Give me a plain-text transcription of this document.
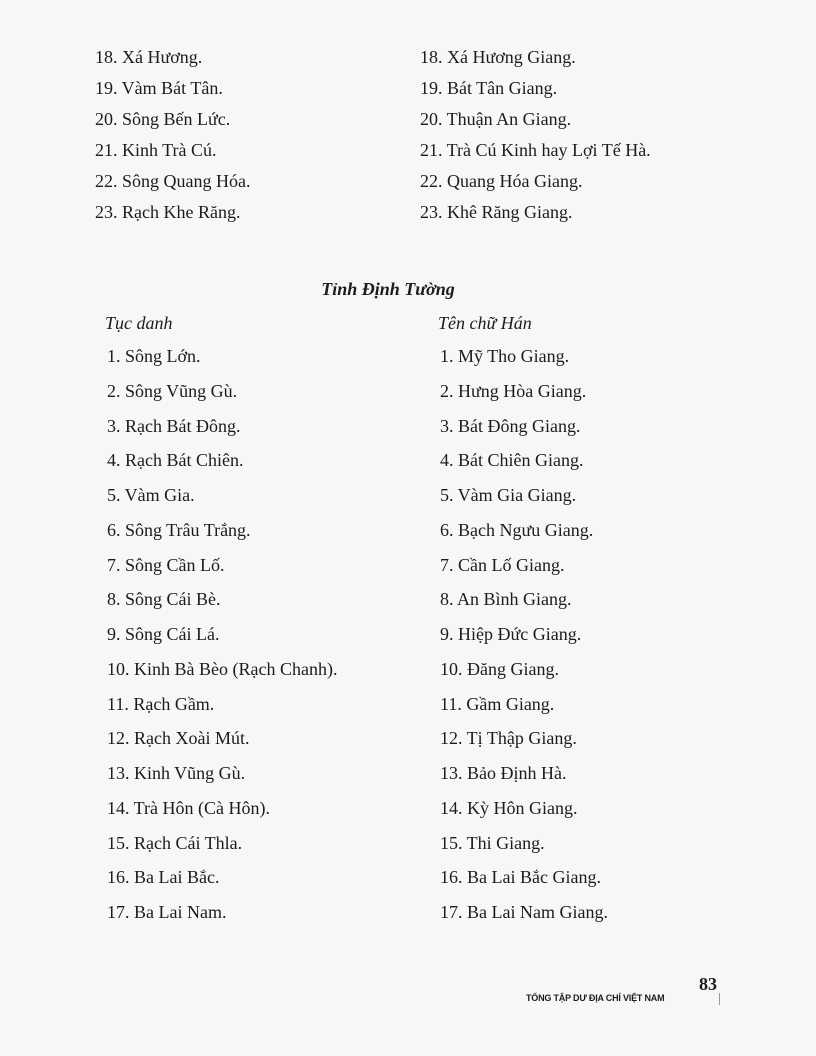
18. Xá Hương.
19. Vàm Bát Tân.
20. Sông Bến Lức.
21. Kinh Trà Cú.
22. Sông Quang Hóa.
23. Rạch Khe Răng.
18. Xá Hương Giang.
19. Bát Tân Giang.
20. Thuận An Giang.
21. Trà Cú Kinh hay Lợi Tế Hà.
22. Quang Hóa Giang.
23. Khê Răng Giang.
Tỉnh Định Tường
Tục danh	Tên chữ Hán
1. Sông Lớn.
2. Sông Vũng Gù.
3. Rạch Bát Đông.
4. Rạch Bát Chiên.
5. Vàm Gia.
6. Sông Trâu Trắng.
7. Sông Cần Lố.
8. Sông Cái Bè.
9. Sông Cái Lá.
10. Kinh Bà Bèo (Rạch Chanh).
11. Rạch Gầm.
12. Rạch Xoài Mút.
13. Kinh Vũng Gù.
14. Trà Hôn (Cà Hôn).
15. Rạch Cái Thla.
16. Ba Lai Bắc.
17. Ba Lai Nam.
1. Mỹ Tho Giang.
2. Hưng Hòa Giang.
3. Bát Đông Giang.
4. Bát Chiên Giang.
5. Vàm Gia Giang.
6. Bạch Ngưu Giang.
7. Cần Lố Giang.
8. An Bình Giang.
9. Hiệp Đức Giang.
10. Đăng Giang.
11. Gầm Giang.
12. Tị Thập Giang.
13. Bảo Định Hà.
14. Kỳ Hôn Giang.
15. Thi Giang.
16. Ba Lai Bắc Giang.
17. Ba Lai Nam Giang.
83
TỔNG TẬP DƯ ĐỊA CHÍ VIỆT NAM
